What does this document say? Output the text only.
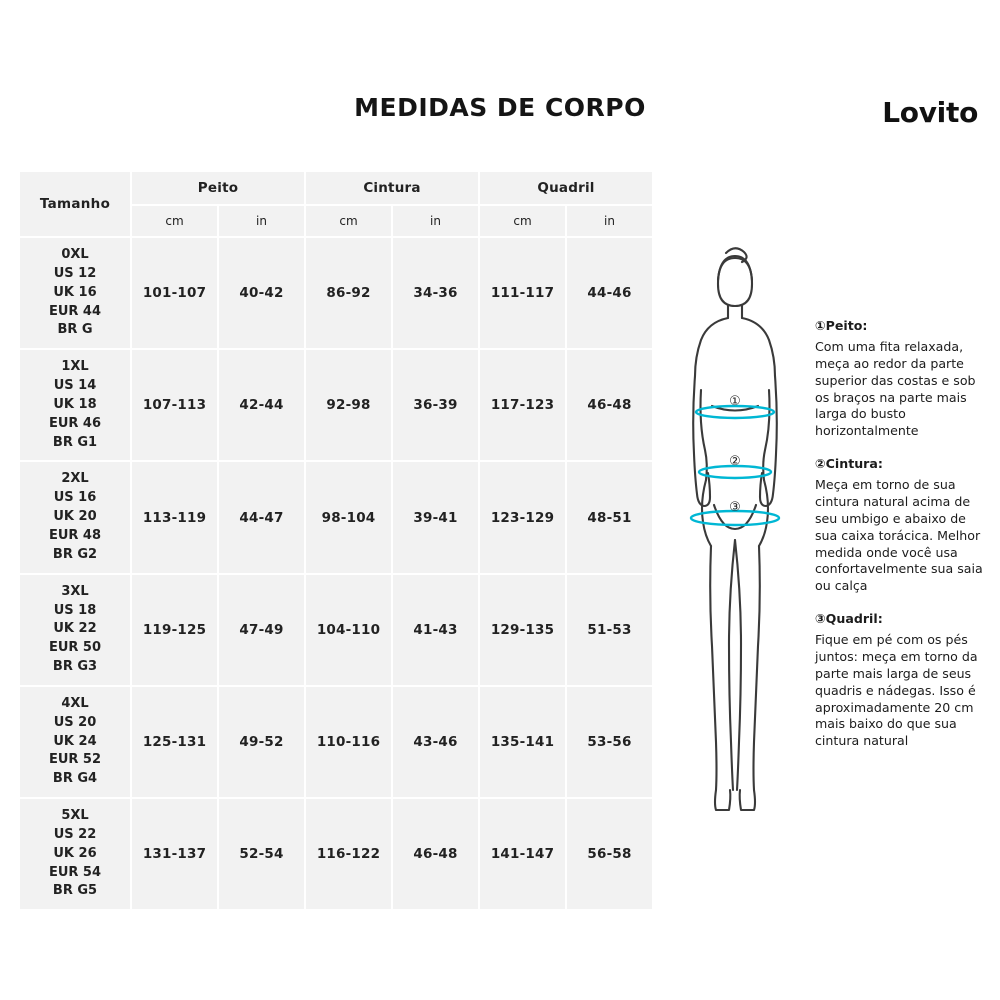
MEDIDAS DE CORPO	Lovito
Tamanho	Peito		Cintura		Quadril	
	cm	in	cm	in	cm	in

0XL
US 12
UK 16
EUR 44
BR G	101-107	40-42	86-92	34-36	111-117	44-46

1XL
US 14
UK 18
EUR 46
BR G1	107-113	42-44	92-98	36-39	117-123	46-48

2XL
US 16
UK 20
EUR 48
BR G2	113-119	44-47	98-104	39-41	123-129	48-51

3XL
US 18
UK 22
EUR 50
BR G3	119-125	47-49	104-110	41-43	129-135	51-53

4XL
US 20
UK 24
EUR 52
BR G4	125-131	49-52	110-116	43-46	135-141	53-56

5XL
US 22
UK 26
EUR 54
BR G5	131-137	52-54	116-122	46-48	141-147	56-58
①
②
③
①Peito:
Com uma fita relaxada, meça ao redor da parte superior das costas e sob os braços na parte mais larga do busto horizontalmente
②Cintura:
Meça em torno de sua cintura natural acima de seu umbigo e abaixo de sua caixa torácica. Melhor medida onde você usa confortavelmente sua saia ou calça
③Quadril:
Fique em pé com os pés juntos: meça em torno da parte mais larga de seus quadris e nádegas. Isso é aproximadamente 20 cm mais baixo do que sua cintura natural
